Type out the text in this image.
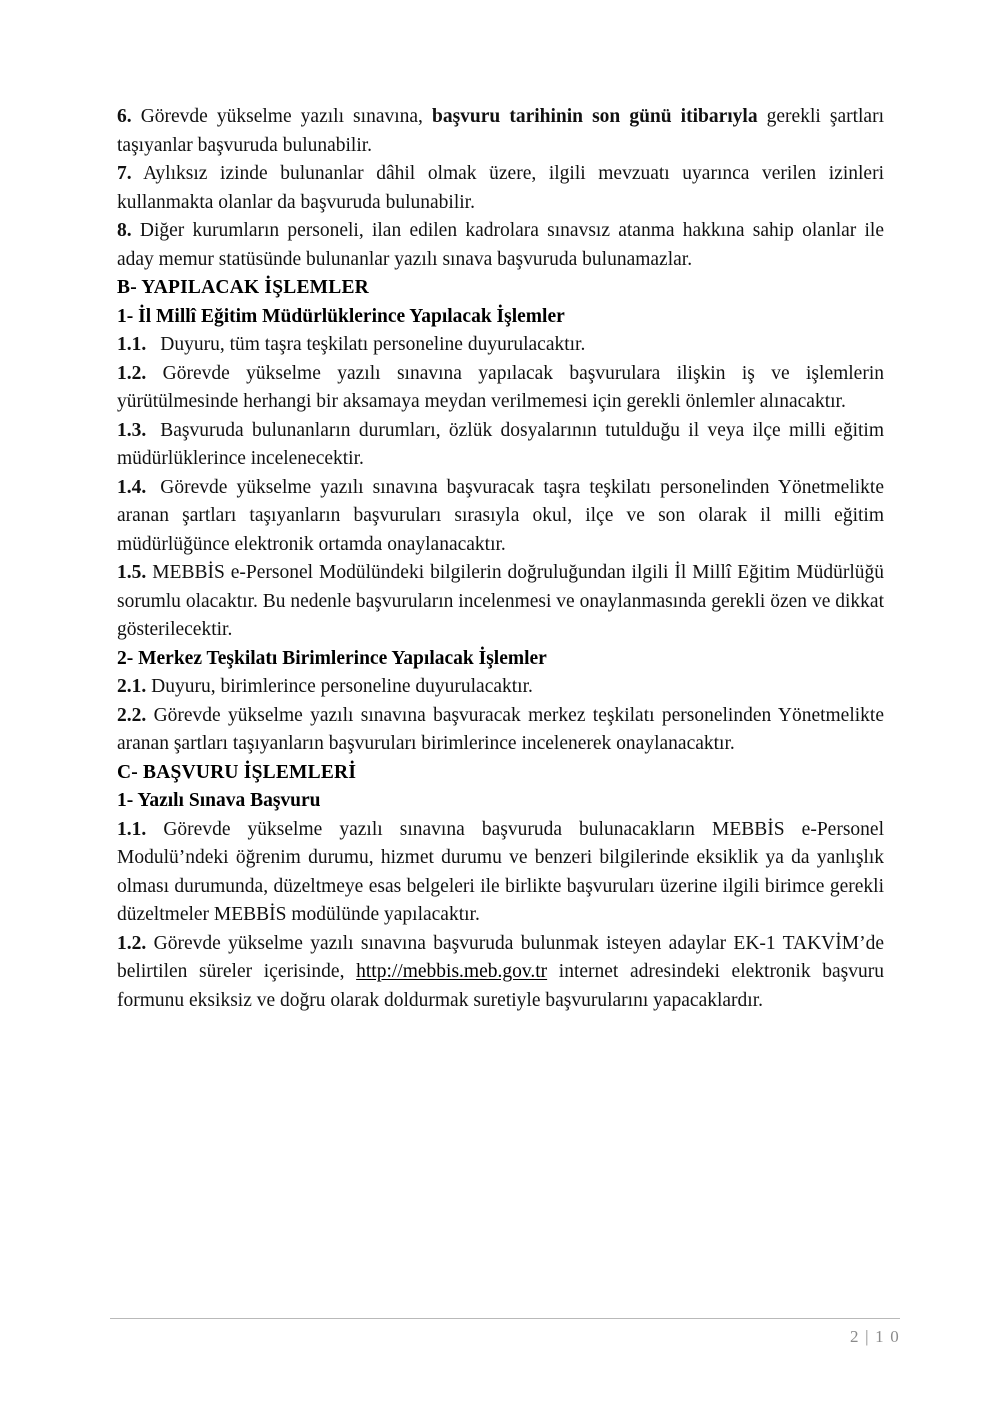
6. Görevde yükselme yazılı sınavına, başvuru tarihinin son günü itibarıyla gerekli şartları taşıyanlar başvuruda bulunabilir.

7. Aylıksız izinde bulunanlar dâhil olmak üzere, ilgili mevzuatı uyarınca verilen izinleri kullanmakta olanlar da başvuruda bulunabilir.

8. Diğer kurumların personeli, ilan edilen kadrolara sınavsız atanma hakkına sahip olanlar ile aday memur statüsünde bulunanlar yazılı sınava başvuruda bulunamazlar.

B- YAPILACAK İŞLEMLER
1- İl Millî Eğitim Müdürlüklerince Yapılacak İşlemler

1.1. Duyuru, tüm taşra teşkilatı personeline duyurulacaktır.

1.2. Görevde yükselme yazılı sınavına yapılacak başvurulara ilişkin iş ve işlemlerin yürütülmesinde herhangi bir aksamaya meydan verilmemesi için gerekli önlemler alınacaktır.

1.3. Başvuruda bulunanların durumları, özlük dosyalarının tutulduğu il veya ilçe milli eğitim müdürlüklerince incelenecektir.

1.4. Görevde yükselme yazılı sınavına başvuracak taşra teşkilatı personelinden Yönetmelikte aranan şartları taşıyanların başvuruları sırasıyla okul, ilçe ve son olarak il milli eğitim müdürlüğünce elektronik ortamda onaylanacaktır.

1.5. MEBBİS e-Personel Modülündeki bilgilerin doğruluğundan ilgili İl Millî Eğitim Müdürlüğü sorumlu olacaktır. Bu nedenle başvuruların incelenmesi ve onaylanmasında gerekli özen ve dikkat gösterilecektir.

2- Merkez Teşkilatı Birimlerince Yapılacak İşlemler

2.1. Duyuru, birimlerince personeline duyurulacaktır.

2.2. Görevde yükselme yazılı sınavına başvuracak merkez teşkilatı personelinden Yönetmelikte aranan şartları taşıyanların başvuruları birimlerince incelenerek onaylanacaktır.

C- BAŞVURU İŞLEMLERİ
1- Yazılı Sınava Başvuru

1.1. Görevde yükselme yazılı sınavına başvuruda bulunacakların MEBBİS e-Personel Modulü’ndeki öğrenim durumu, hizmet durumu ve benzeri bilgilerinde eksiklik ya da yanlışlık olması durumunda, düzeltmeye esas belgeleri ile birlikte başvuruları üzerine ilgili birimce gerekli düzeltmeler MEBBİS modülünde yapılacaktır.

1.2. Görevde yükselme yazılı sınavına başvuruda bulunmak isteyen adaylar EK-1 TAKVİM’de belirtilen süreler içerisinde, http://mebbis.meb.gov.tr internet adresindeki elektronik başvuru formunu eksiksiz ve doğru olarak doldurmak suretiyle başvurularını yapacaklardır.

2 | 1 0
